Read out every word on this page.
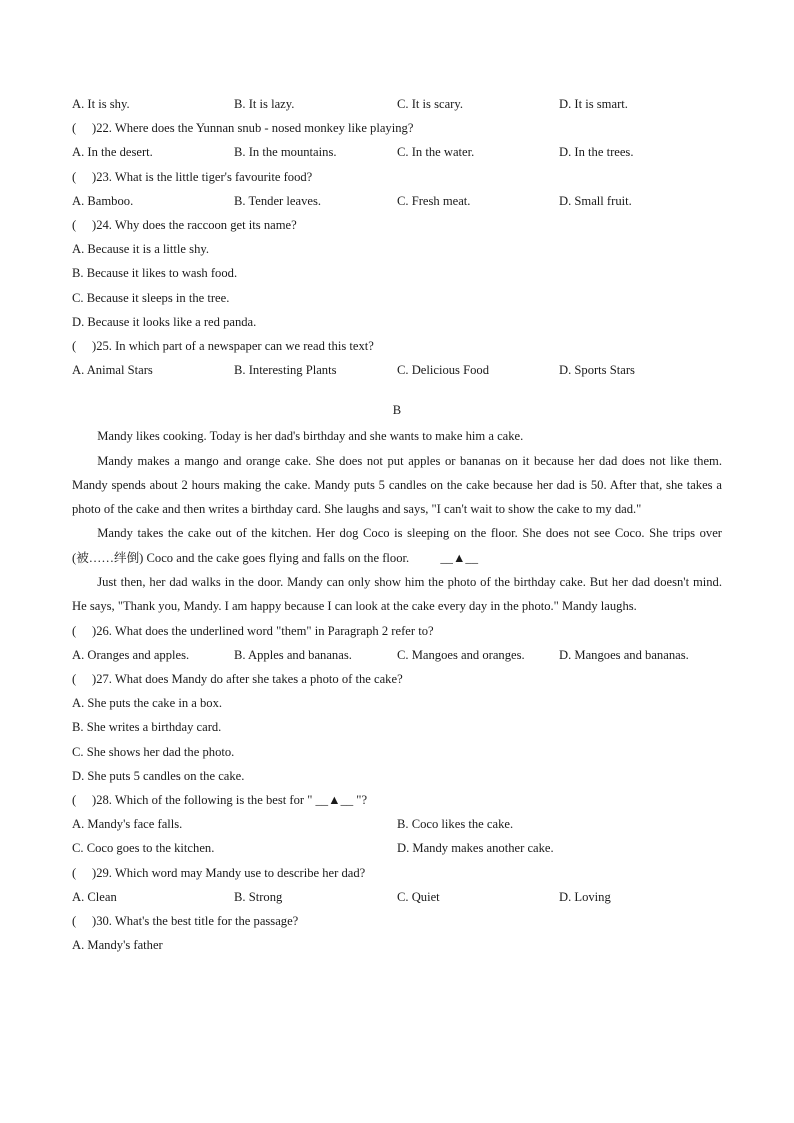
A. It is shy.	B. It is lazy.	C. It is scary.	D. It is smart.
( )22. Where does the Yunnan snub - nosed monkey like playing?
A. In the desert.	B. In the mountains.	C. In the water.	D. In the trees.
( )23. What is the little tiger's favourite food?
A. Bamboo.	B. Tender leaves.	C. Fresh meat.	D. Small fruit.
( )24. Why does the raccoon get its name?
A. Because it is a little shy.
B. Because it likes to wash food.
C. Because it sleeps in the tree.
D. Because it looks like a red panda.
( )25. In which part of a newspaper can we read this text?
A. Animal Stars	B. Interesting Plants	C. Delicious Food	D. Sports Stars
B
Mandy likes cooking. Today is her dad's birthday and she wants to make him a cake.
Mandy makes a mango and orange cake. She does not put apples or bananas on it because her dad does not like them. Mandy spends about 2 hours making the cake. Mandy puts 5 candles on the cake because her dad is 50. After that, she takes a photo of the cake and then writes a birthday card. She laughs and says, "I can't wait to show the cake to my dad."
Mandy takes the cake out of the kitchen. Her dog Coco is sleeping on the floor. She does not see Coco. She trips over (被……绊倒) Coco and the cake goes flying and falls on the floor. __▲__
Just then, her dad walks in the door. Mandy can only show him the photo of the birthday cake. But her dad doesn't mind. He says, "Thank you, Mandy. I am happy because I can look at the cake every day in the photo." Mandy laughs.
( )26. What does the underlined word "them" in Paragraph 2 refer to?
A. Oranges and apples.	B. Apples and bananas.	C. Mangoes and oranges.	D. Mangoes and bananas.
( )27. What does Mandy do after she takes a photo of the cake?
A. She puts the cake in a box.
B. She writes a birthday card.
C. She shows her dad the photo.
D. She puts 5 candles on the cake.
( )28. Which of the following is the best for " __▲__ "?
A. Mandy's face falls.	B. Coco likes the cake.
C. Coco goes to the kitchen.	D. Mandy makes another cake.
( )29. Which word may Mandy use to describe her dad?
A. Clean	B. Strong	C. Quiet	D. Loving
( )30. What's the best title for the passage?
A. Mandy's father
